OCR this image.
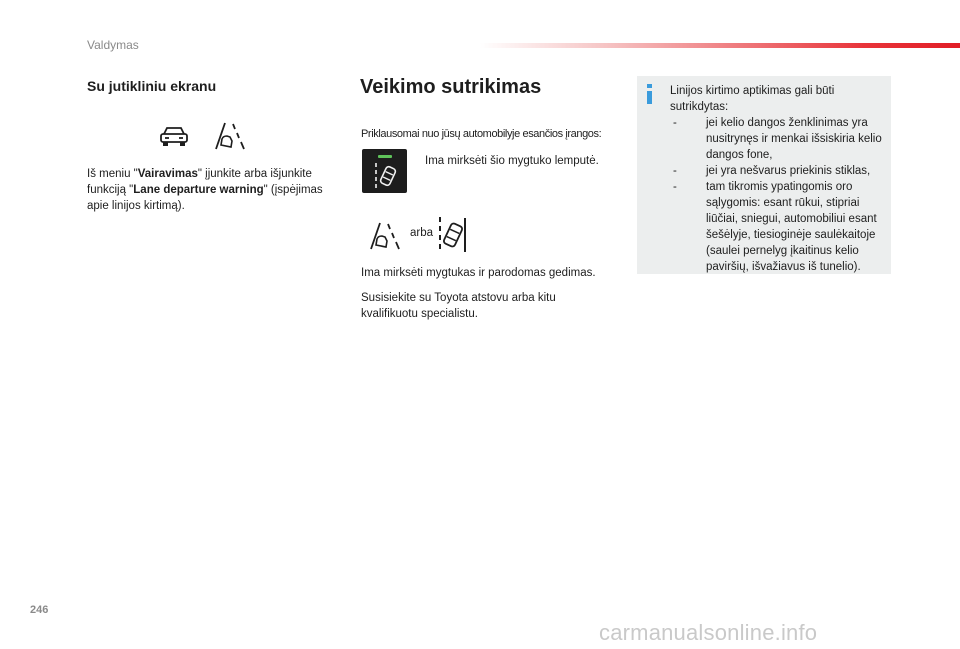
Valdymas
Su jutikliniu ekranu
Iš meniu "Vairavimas" įjunkite arba išjunkite funkciją "Lane departure warning" (įspėjimas apie linijos kirtimą).
Veikimo sutrikimas
Priklausomai nuo jūsų automobilyje esančios įrangos:
Ima mirksėti šio mygtuko lemputė.
arba
Ima mirksėti mygtukas ir parodomas gedimas.
Susisiekite su Toyota atstovu arba kitu kvalifikuotu specialistu.
Linijos kirtimo aptikimas gali būti sutrikdytas:
-	jei kelio dangos ženklinimas yra nusitrynęs ir menkai išsiskiria kelio dangos fone,
-	jei yra nešvarus priekinis stiklas,
-	tam tikromis ypatingomis oro sąlygomis: esant rūkui, stipriai liūčiai, sniegui, automobiliui esant šešėlyje, tiesioginėje saulėkaitoje (saulei pernelyg įkaitinus kelio paviršių, išvažiavus iš tunelio).
246
carmanualsonline.info
